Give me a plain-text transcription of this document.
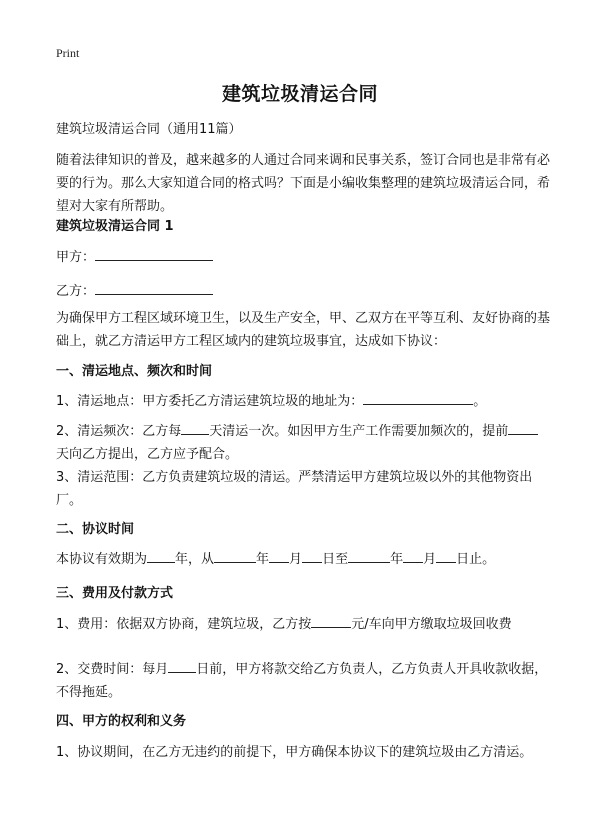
Print
建筑垃圾清运合同
建筑垃圾清运合同（通用11篇）
随着法律知识的普及，越来越多的人通过合同来调和民事关系，签订合同也是非常有必要的行为。那么大家知道合同的格式吗？下面是小编收集整理的建筑垃圾清运合同，希望对大家有所帮助。
建筑垃圾清运合同 1
甲方：
乙方：
为确保甲方工程区域环境卫生，以及生产安全，甲、乙双方在平等互利、友好协商的基础上，就乙方清运甲方工程区域内的建筑垃圾事宜，达成如下协议：
一、清运地点、频次和时间
1、清运地点：甲方委托乙方清运建筑垃圾的地址为：	。
2、清运频次：乙方每 天清运一次。如因甲方生产工作需要加频次的，提前天向乙方提出，乙方应予配合。
3、清运范围：乙方负责建筑垃圾的清运。严禁清运甲方建筑垃圾以外的其他物资出厂。
二、协议时间
本协议有效期为 年，从	年 月 日至	年 月 日止。
三、费用及付款方式
1、费用：依据双方协商，建筑垃圾，乙方按	元/车向甲方缴取垃圾回收费
2、交费时间：每月 日前，甲方将款交给乙方负责人，乙方负责人开具收款收据，不得拖延。
四、甲方的权利和义务
1、协议期间，在乙方无违约的前提下，甲方确保本协议下的建筑垃圾由乙方清运。
